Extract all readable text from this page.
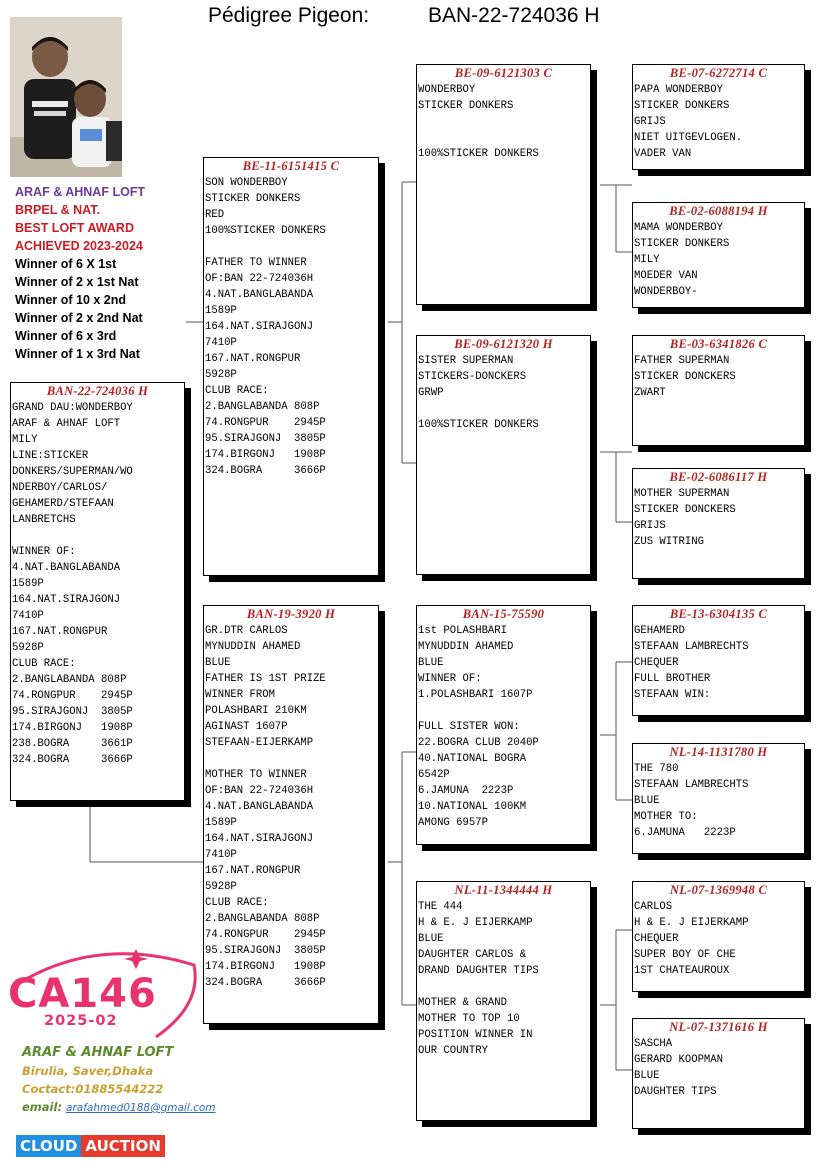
Pédigree Pigeon:	BAN-22-724036 H
ARAF & AHNAF LOFT
BRPEL & NAT.
BEST LOFT AWARD
ACHIEVED 2023-2024
Winner of 6 X 1st
Winner of 2 x 1st Nat
Winner of 10 x 2nd
Winner of 2 x 2nd Nat
Winner of 6 x 3rd
Winner of 1 x 3rd Nat
BAN-22-724036 H
GRAND DAU:WONDERBOY
ARAF & AHNAF LOFT
MILY
LINE:STICKER
DONKERS/SUPERMAN/WO
NDERBOY/CARLOS/
GEHAMERD/STEFAAN
LANBRETCHS

WINNER OF:
4.NAT.BANGLABANDA
1589P
164.NAT.SIRAJGONJ
7410P
167.NAT.RONGPUR
5928P
CLUB RACE:
2.BANGLABANDA 808P
74.RONGPUR    2945P
95.SIRAJGONJ  3805P
174.BIRGONJ   1908P
238.BOGRA     3661P
324.BOGRA     3666P
BE-11-6151415 C
SON WONDERBOY
STICKER DONKERS
RED
100%STICKER DONKERS

FATHER TO WINNER
OF:BAN 22-724036H
4.NAT.BANGLABANDA
1589P
164.NAT.SIRAJGONJ
7410P
167.NAT.RONGPUR
5928P
CLUB RACE:
2.BANGLABANDA 808P
74.RONGPUR    2945P
95.SIRAJGONJ  3805P
174.BIRGONJ   1908P
324.BOGRA     3666P
BAN-19-3920 H
GR.DTR CARLOS
MYNUDDIN AHAMED
BLUE
FATHER IS 1ST PRIZE
WINNER FROM
POLASHBARI 210KM
AGINAST 1607P
STEFAAN-EIJERKAMP

MOTHER TO WINNER
OF:BAN 22-724036H
4.NAT.BANGLABANDA
1589P
164.NAT.SIRAJGONJ
7410P
167.NAT.RONGPUR
5928P
CLUB RACE:
2.BANGLABANDA 808P
74.RONGPUR    2945P
95.SIRAJGONJ  3805P
174.BIRGONJ   1908P
324.BOGRA     3666P
BE-09-6121303 C
WONDERBOY
STICKER DONKERS

100%STICKER DONKERS
BE-09-6121320 H
SISTER SUPERMAN
STICKERS-DONCKERS
GRWP

100%STICKER DONKERS
BAN-15-75590
1st POLASHBARI
MYNUDDIN AHAMED
BLUE
WINNER OF:
1.POLASHBARI 1607P

FULL SISTER WON:
22.BOGRA CLUB 2040P
40.NATIONAL BOGRA
6542P
6.JAMUNA  2223P
10.NATIONAL 100KM
AMONG 6957P
NL-11-1344444 H
THE 444
H & E. J EIJERKAMP
BLUE
DAUGHTER CARLOS &
DRAND DAUGHTER TIPS

MOTHER & GRAND
MOTHER TO TOP 10
POSITION WINNER IN
OUR COUNTRY
BE-07-6272714 C
PAPA WONDERBOY
STICKER DONKERS
GRIJS
NIET UITGEVLOGEN.
VADER VAN
BE-02-6088194 H
MAMA WONDERBOY
STICKER DONKERS
MILY
MOEDER VAN
WONDERBOY-
BE-03-6341826 C
FATHER SUPERMAN
STICKER DONCKERS
ZWART
BE-02-6086117 H
MOTHER SUPERMAN
STICKER DONCKERS
GRIJS
ZUS WITRING
BE-13-6304135 C
GEHAMERD
STEFAAN LAMBRECHTS
CHEQUER
FULL BROTHER
STEFAAN WIN:
NL-14-1131780 H
THE 780
STEFAAN LAMBRECHTS
BLUE
MOTHER TO:
6.JAMUNA   2223P
NL-07-1369948 C
CARLOS
H & E. J EIJERKAMP
CHEQUER
SUPER BOY OF CHE
1ST CHATEAUROUX
NL-07-1371616 H
SASCHA
GERARD KOOPMAN
BLUE
DAUGHTER TIPS
CA146
2025-02
ARAF & AHNAF LOFT
Birulia, Saver,Dhaka
Coctact:01885544222
email: arafahmed0188@gmail.com
CLOUD AUCTION
